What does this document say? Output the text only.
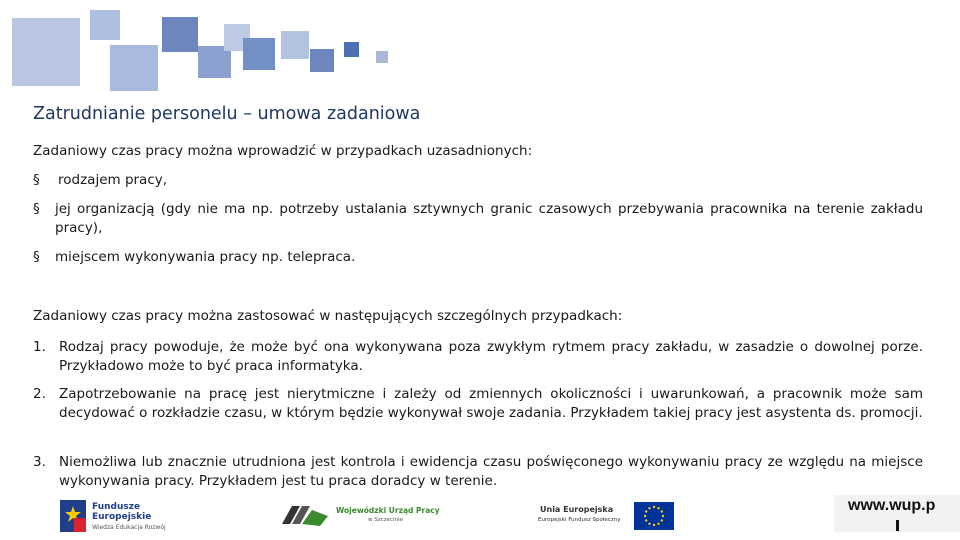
Zatrudnianie personelu – umowa zadaniowa

Zadaniowy czas pracy można wprowadzić w przypadkach uzasadnionych:

§ rodzajem pracy,
§ jej organizacją (gdy nie ma np. potrzeby ustalania sztywnych granic czasowych przebywania pracownika na terenie zakładu pracy),
§ miejscem wykonywania pracy np. telepraca.

Zadaniowy czas pracy można zastosować w następujących szczególnych przypadkach:

1. Rodzaj pracy powoduje, że może być ona wykonywana poza zwykłym rytmem pracy zakładu, w zasadzie o dowolnej porze. Przykładowo może to być praca informatyka.
2. Zapotrzebowanie na pracę jest nierytmiczne i zależy od zmiennych okoliczności i uwarunkowań, a pracownik może sam decydować o rozkładzie czasu, w którym będzie wykonywał swoje zadania. Przykładem takiej pracy jest asystenta ds. promocji.
3. Niemożliwa lub znacznie utrudniona jest kontrola i ewidencja czasu poświęconego wykonywaniu pracy ze względu na miejsce wykonywania pracy. Przykładem jest tu praca doradcy w terenie.
Fundusze
Europejskie
Wiedza Edukacja Rozwój
Wojewódzki Urząd Pracy
w Szczecinie
Unia Europejska
Europejski Fundusz Społeczny
www.wup.p
